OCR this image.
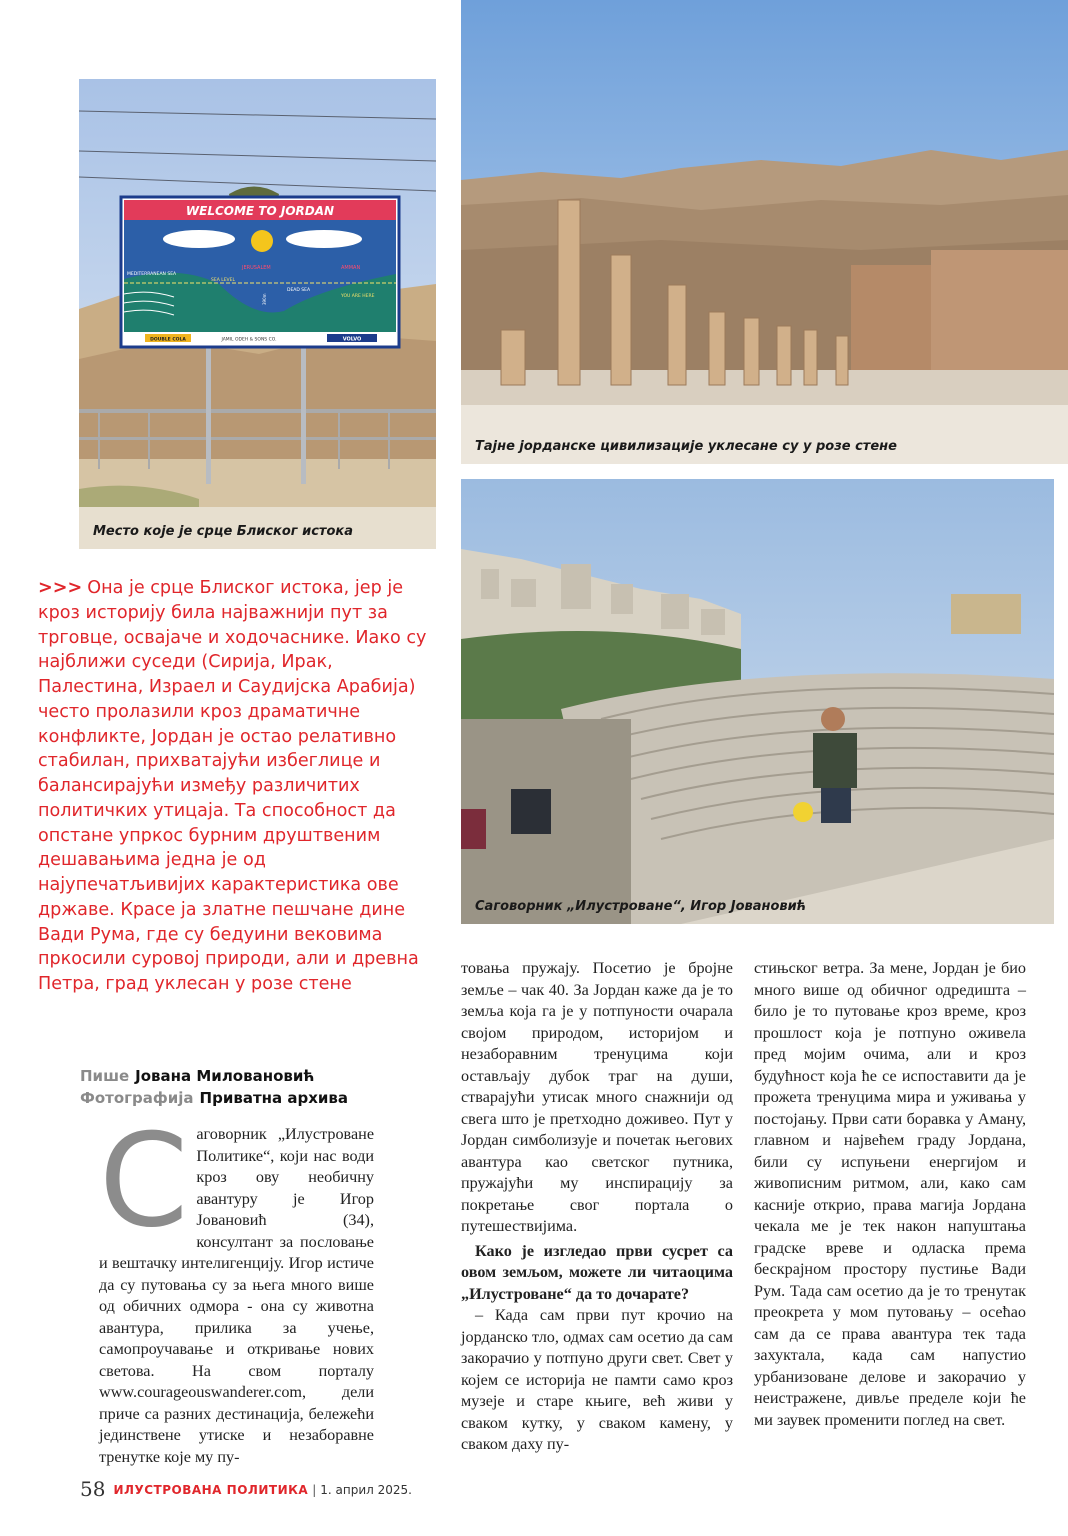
WELCOME TO JORDAN
MEDITERRANEAN SEA
JERUSALEM	AMMAN
SEA LEVEL
DEAD SEA
YOU ARE HERE
390m
DOUBLE COLA	JAMIL ODEH & SONS CO.	VOLVO
Место које је срце Блиског истока
Тајне јорданске цивилизације уклесане су у розе стене
Саговорник „Илустроване“, Игор Јовановић
>>> Она је срце Блиског истока, јер је кроз историју била најважнији пут за трговце, освајаче и ходочаснике. Иако су најближи суседи (Сирија, Ирак, Палестина, Израел и Саудијска Арабија) често пролазили кроз драматичне конфликте, Јордан је остао релативно стабилан, прихватајући избеглице и балансирајући између различитих политичких утицаја. Та способност да опстане упркос бурним друштвеним дешавањима једна је од најупечатљивијих карактеристика ове државе. Красе ја златне пешчане дине Вади Рума, где су бедуини вековима пркосили суровој природи, али и древна Петра, град уклесан у розе стене
Пише Јована Миловановић
Фотографија Приватна архива
С аговорник „Илустроване Политике“, који нас води кроз ову необичну авантуру је Игор Јовановић (34), консултант за пословање и вештачку интелигенцију. Игор истиче да су путовања су за њега много више од обичних одмора - она су животна авантура, прилика за учење, самопроучавање и откривање нових светова. На свом порталу www.courageouswanderer.com, дели приче са разних дестинација, бележећи јединствене утиске и незаборавне тренутке које му пу-

товања пружају. Посетио је бројне земље – чак 40. За Јордан каже да је то земља која га је у потпуности очарала својом природом, историјом и незаборавним тренуцима који остављају дубок траг на души, стварајући утисак много снажнији од свега што је претходно доживео. Пут у Јордан симболизује и почетак његових авантура као светског путника, пружајући му инспирацију за покретање свог портала о путешествијима.

Како је изгледао први сусрет са овом земљом, можете ли читаоцима „Илустроване“ да то дочарате?

– Када сам први пут крочио на јорданско тло, одмах сам осетио да сам закорачио у потпуно други свет. Свет у којем се историја не памти само кроз музеје и старе књиге, већ живи у сваком кутку, у сваком камену, у сваком даху пу-

стињског ветра. За мене, Јордан је био много више од обичног одредишта – било је то путовање кроз време, кроз прошлост која је потпуно оживела пред мојим очима, али и кроз будућност која ће се испоставити да је прожета тренуцима мира и уживања у постојању. Први сати боравка у Аману, главном и највећем граду Јордана, били су испуњени енергијом и живописним ритмом, али, како сам касније открио, права магија Јордана чекала ме је тек након напуштања градске вреве и одласка према бескрајном простору пустиње Вади Рум. Тада сам осетио да је то тренутак преокрета у мом путовању – осећао сам да се права авантура тек тада захуктала, када сам напустио урбанизоване делове и закорачио у неистражене, дивље пределе који ће ми заувек променити поглед на свет.

58 ИЛУСТРОВАНА ПОЛИТИКА | 1. април 2025.
